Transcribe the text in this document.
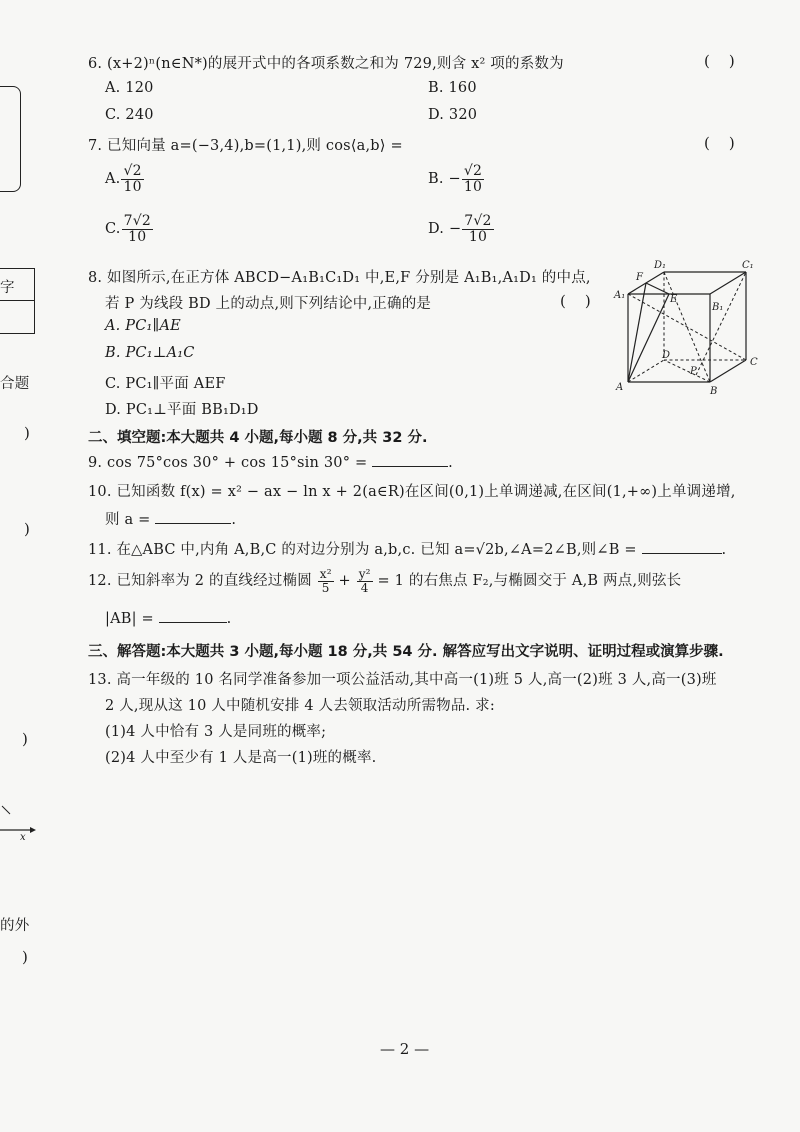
字
合题
)
)
)
x
的外
)
6. (x+2)ⁿ(n∈N*)的展开式中的各项系数之和为 729,则含 x² 项的系数为	(    )
A. 120	B. 160
C. 240	D. 320
7. 已知向量 a=(−3,4),b=(1,1),则 cos⟨a,b⟩ =	(    )
A. $\frac{√2}{10}$	B. − $\frac{√2}{10}$
C. $\frac{7√2}{10}$	D. − $\frac{7√2}{10}$
8. 如图所示,在正方体 ABCD−A₁B₁C₁D₁ 中,E,F 分别是 A₁B₁,A₁D₁ 的中点,
若 P 为线段 BD 上的动点,则下列结论中,正确的是	(    )
A. PC₁∥AE
B. PC₁⊥A₁C
C. PC₁∥平面 AEF
D. PC₁⊥平面 BB₁D₁D
D₁	C₁
F
A₁	E
B₁
D
C
P
A	B
二、填空题:本大题共 4 小题,每小题 8 分,共 32 分.
9. cos 75°cos 30° + cos 15°sin 30° =	.
10. 已知函数 f(x) = x² − ax − ln x + 2(a∈R)在区间(0,1)上单调递减,在区间(1,+∞)上单调递增,
则 a =	.
11. 在△ABC 中,内角 A,B,C 的对边分别为 a,b,c. 已知 a=√2b,∠A=2∠B,则∠B =	.
12. 已知斜率为 2 的直线经过椭圆 $\frac{\text{x²}}{5} + \frac{\text{y²}}{4} = 1$ 的右焦点 F₂,与椭圆交于 A,B 两点,则弦长
|AB| =	.
三、解答题:本大题共 3 小题,每小题 18 分,共 54 分. 解答应写出文字说明、证明过程或演算步骤.
13. 高一年级的 10 名同学准备参加一项公益活动,其中高一(1)班 5 人,高一(2)班 3 人,高一(3)班
2 人,现从这 10 人中随机安排 4 人去领取活动所需物品. 求:
(1)4 人中恰有 3 人是同班的概率;
(2)4 人中至少有 1 人是高一(1)班的概率.
— 2 —
